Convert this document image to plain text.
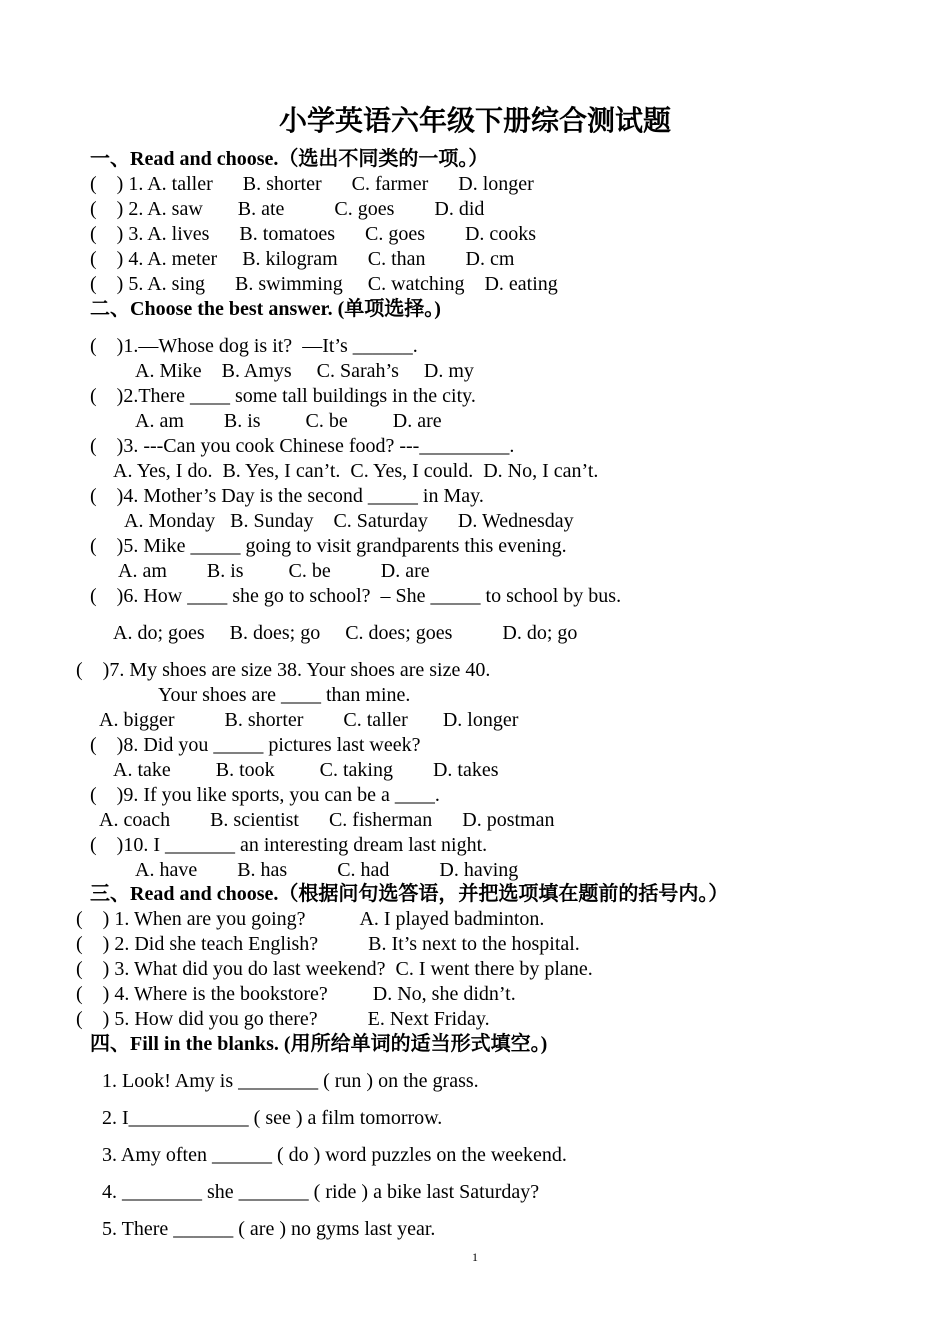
小学英语六年级下册综合测试题
一、Read and choose.（选出不同类的一项。）
(    ) 1. A. taller      B. shorter      C. farmer      D. longer
(    ) 2. A. saw       B. ate          C. goes        D. did
(    ) 3. A. lives      B. tomatoes      C. goes        D. cooks
(    ) 4. A. meter     B. kilogram      C. than        D. cm
(    ) 5. A. sing      B. swimming     C. watching    D. eating
二、Choose the best answer. (单项选择。)
(    )1.—Whose dog is it?  —It’s ______.
A. Mike    B. Amys     C. Sarah’s     D. my
(    )2.There ____ some tall buildings in the city.
A. am        B. is         C. be         D. are
(    )3. ---Can you cook Chinese food? ---_________.
A. Yes, I do.  B. Yes, I can’t.  C. Yes, I could.  D. No, I can’t.
(    )4. Mother’s Day is the second _____ in May.
A. Monday   B. Sunday    C. Saturday      D. Wednesday
(    )5. Mike _____ going to visit grandparents this evening.
A. am        B. is         C. be          D. are
(    )6. How ____ she go to school?  – She _____ to school by bus.
A. do; goes     B. does; go     C. does; goes          D. do; go
(    )7. My shoes are size 38. Your shoes are size 40.
Your shoes are ____ than mine.
A. bigger          B. shorter        C. taller       D. longer
(    )8. Did you _____ pictures last week?
A. take         B. took         C. taking        D. takes
(    )9. If you like sports, you can be a ____.
A. coach        B. scientist      C. fisherman      D. postman
(    )10. I _______ an interesting dream last night.
A. have        B. has          C. had          D. having
三、Read and choose.（根据问句选答语，并把选项填在题前的括号内。）
(    ) 1. When are you going?           A. I played badminton.
(    ) 2. Did she teach English?          B. It’s next to the hospital.
(    ) 3. What did you do last weekend?  C. I went there by plane.
(    ) 4. Where is the bookstore?         D. No, she didn’t.
(    ) 5. How did you go there?          E. Next Friday.
四、Fill in the blanks. (用所给单词的适当形式填空。)
1. Look! Amy is ________ ( run ) on the grass.
2. I____________ ( see ) a film tomorrow.
3. Amy often ______ ( do ) word puzzles on the weekend.
4. ________ she _______ ( ride ) a bike last Saturday?
5. There ______ ( are ) no gyms last year.
1
